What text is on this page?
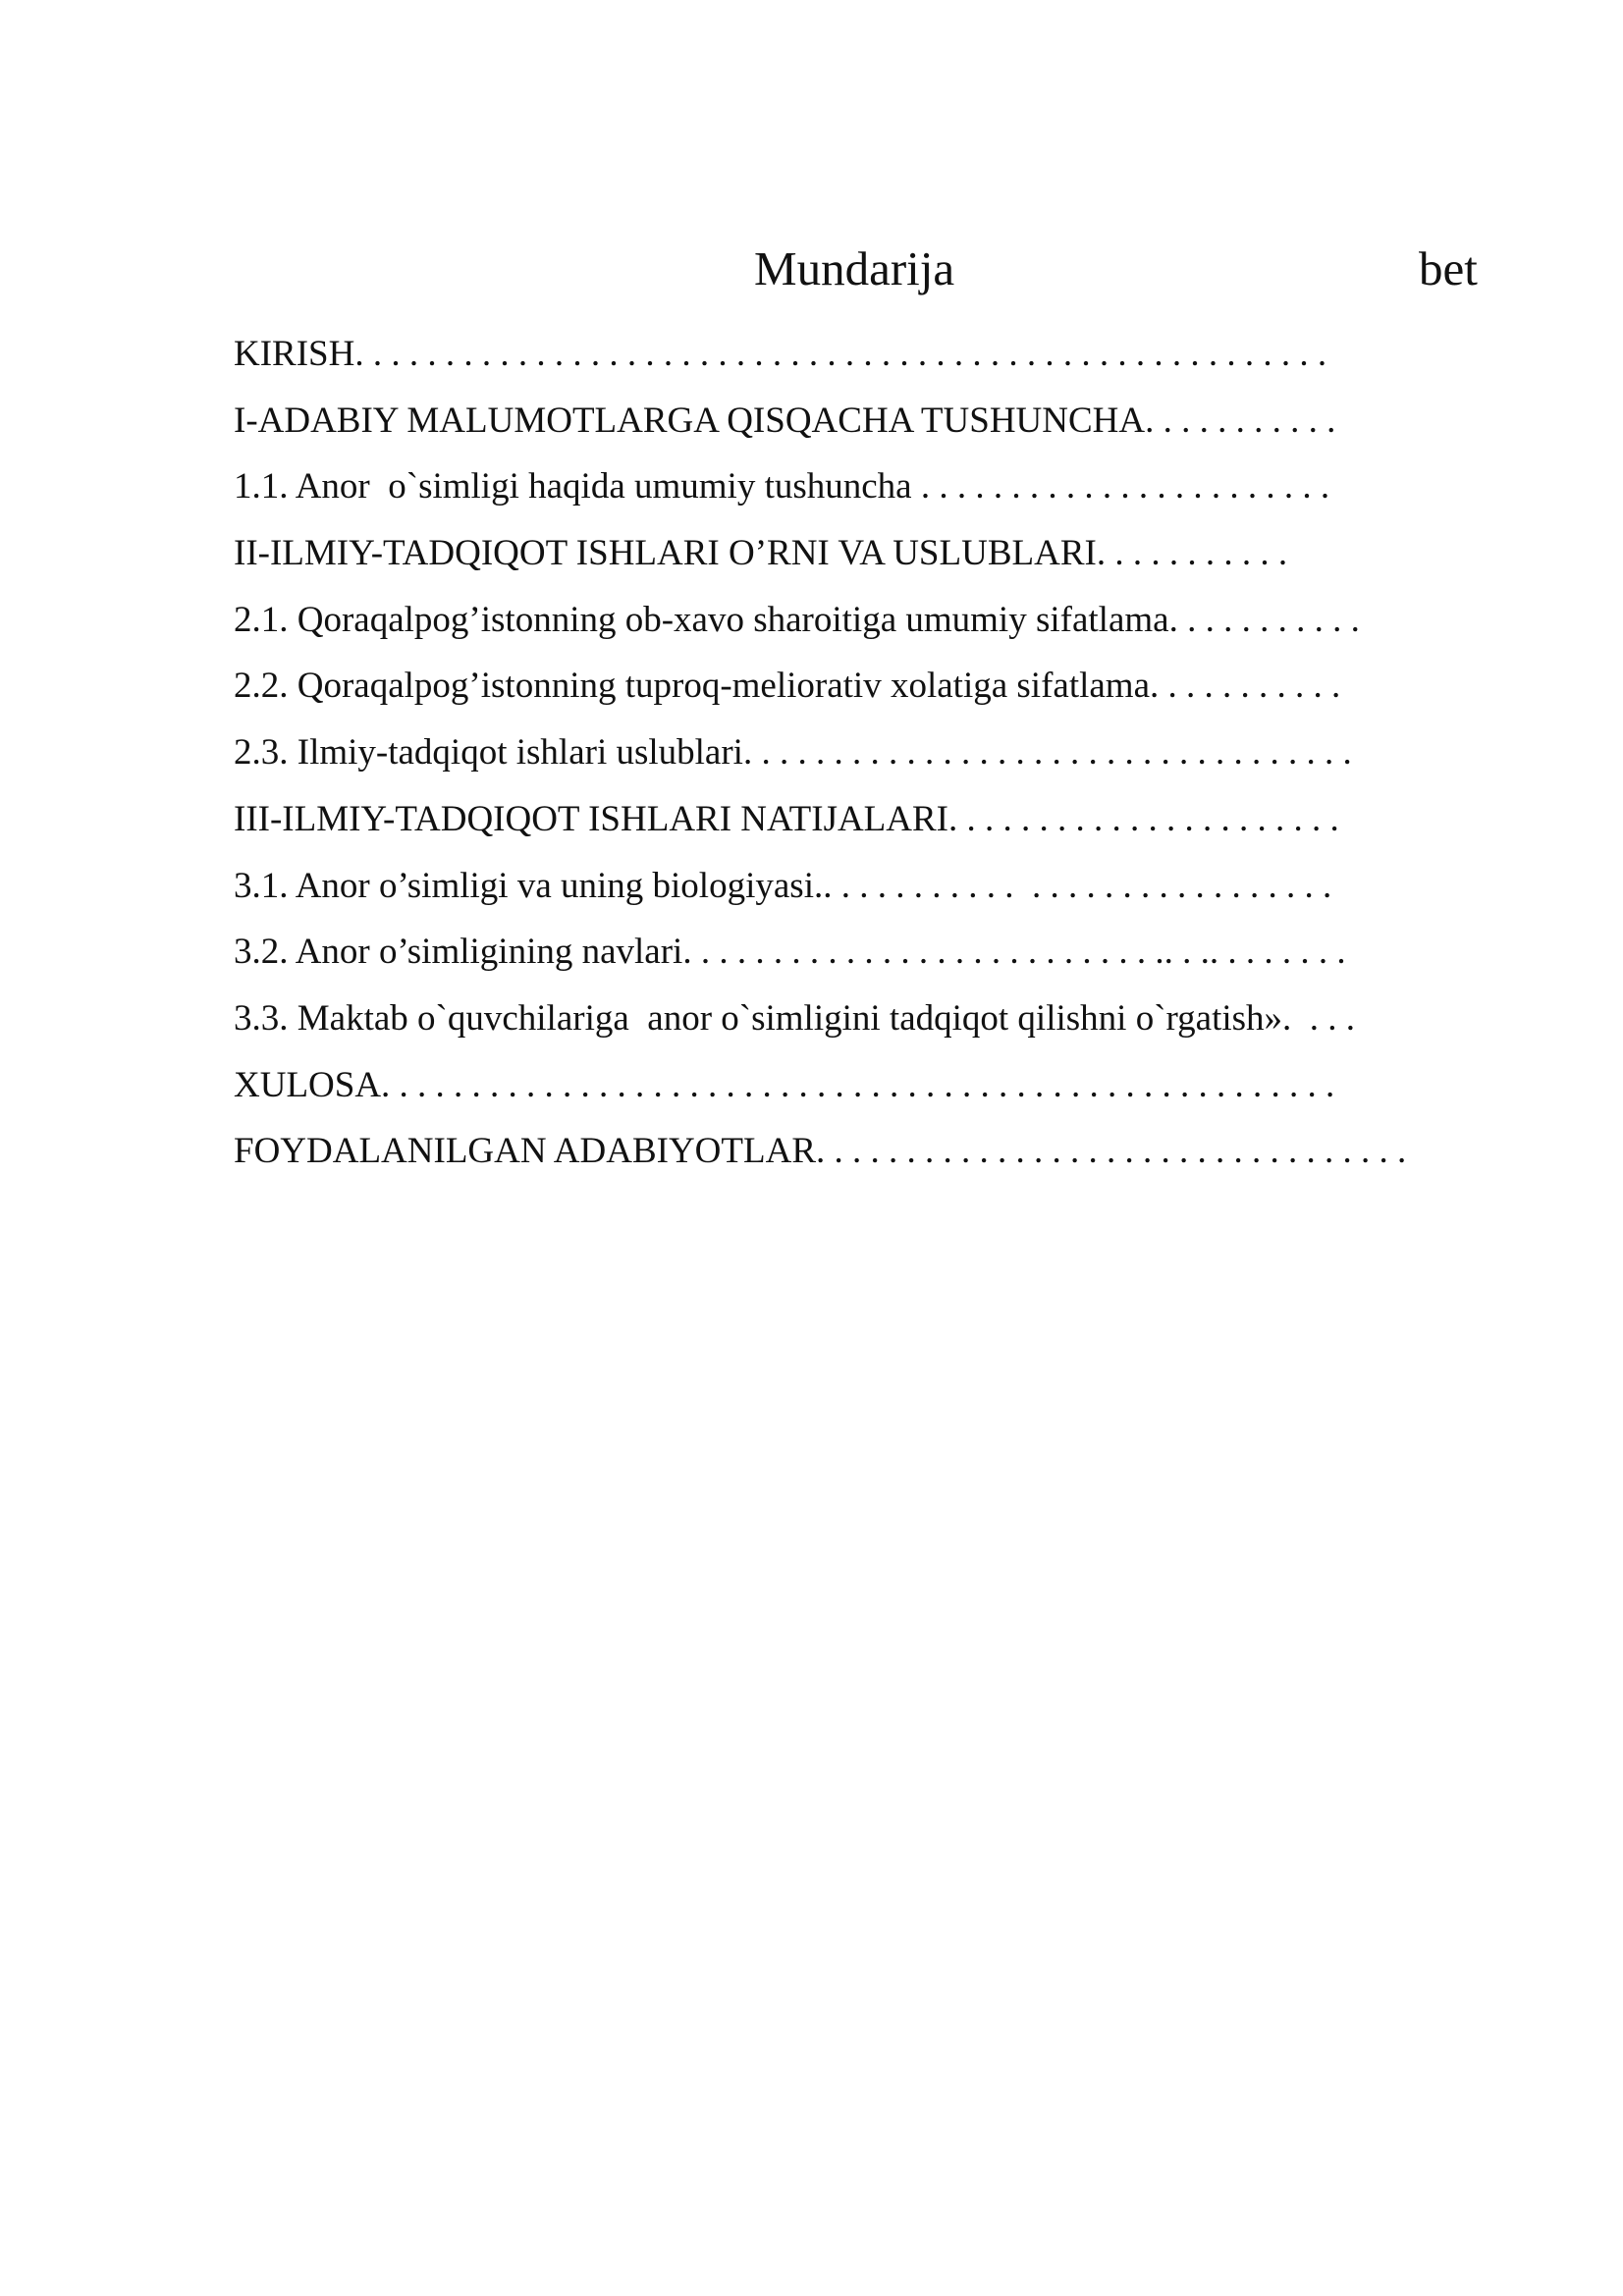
Mundarija	bet
KIRISH. . . . . . . . . . . . . . . . . . . . . . . . . . . . . . . . . . . . . . . . . . . . . . . . . . . . . .
I-ADABIY MALUMOTLARGA QISQACHA TUSHUNCHA. . . . . . . . . . .
1.1. Anor  o`simligi haqida umumiy tushuncha . . . . . . . . . . . . . . . . . . . . . . .
II-ILMIY-TADQIQOT ISHLARI O’RNI VA USLUBLARI. . . . . . . . . . .
2.1. Qoraqalpog’istonning ob-xavo sharoitiga umumiy sifatlama. . . . . . . . . . .
2.2. Qoraqalpog’istonning tuproq-meliorativ xolatiga sifatlama. . . . . . . . . . .
2.3. Ilmiy-tadqiqot ishlari uslublari. . . . . . . . . . . . . . . . . . . . . . . . . . . . . . . . . .
III-ILMIY-TADQIQOT ISHLARI NATIJALARI. . . . . . . . . . . . . . . . . . . . . .
3.1. Anor o’simligi va uning biologiyasi.. . . . . . . . . . .  . . . . . . . . . . . . . . . . .
3.2. Anor o’simligining navlari. . . . . . . . . . . . . . . . . . . . . . . . . . .. . .. . . . . . . .
3.3. Maktab o`quvchilariga  anor o`simligini tadqiqot qilishni o`rgatish».  . . .
XULOSA. . . . . . . . . . . . . . . . . . . . . . . . . . . . . . . . . . . . . . . . . . . . . . . . . . . . .
FOYDALANILGAN ADABIYOTLAR. . . . . . . . . . . . . . . . . . . . . . . . . . . . . . . . .
